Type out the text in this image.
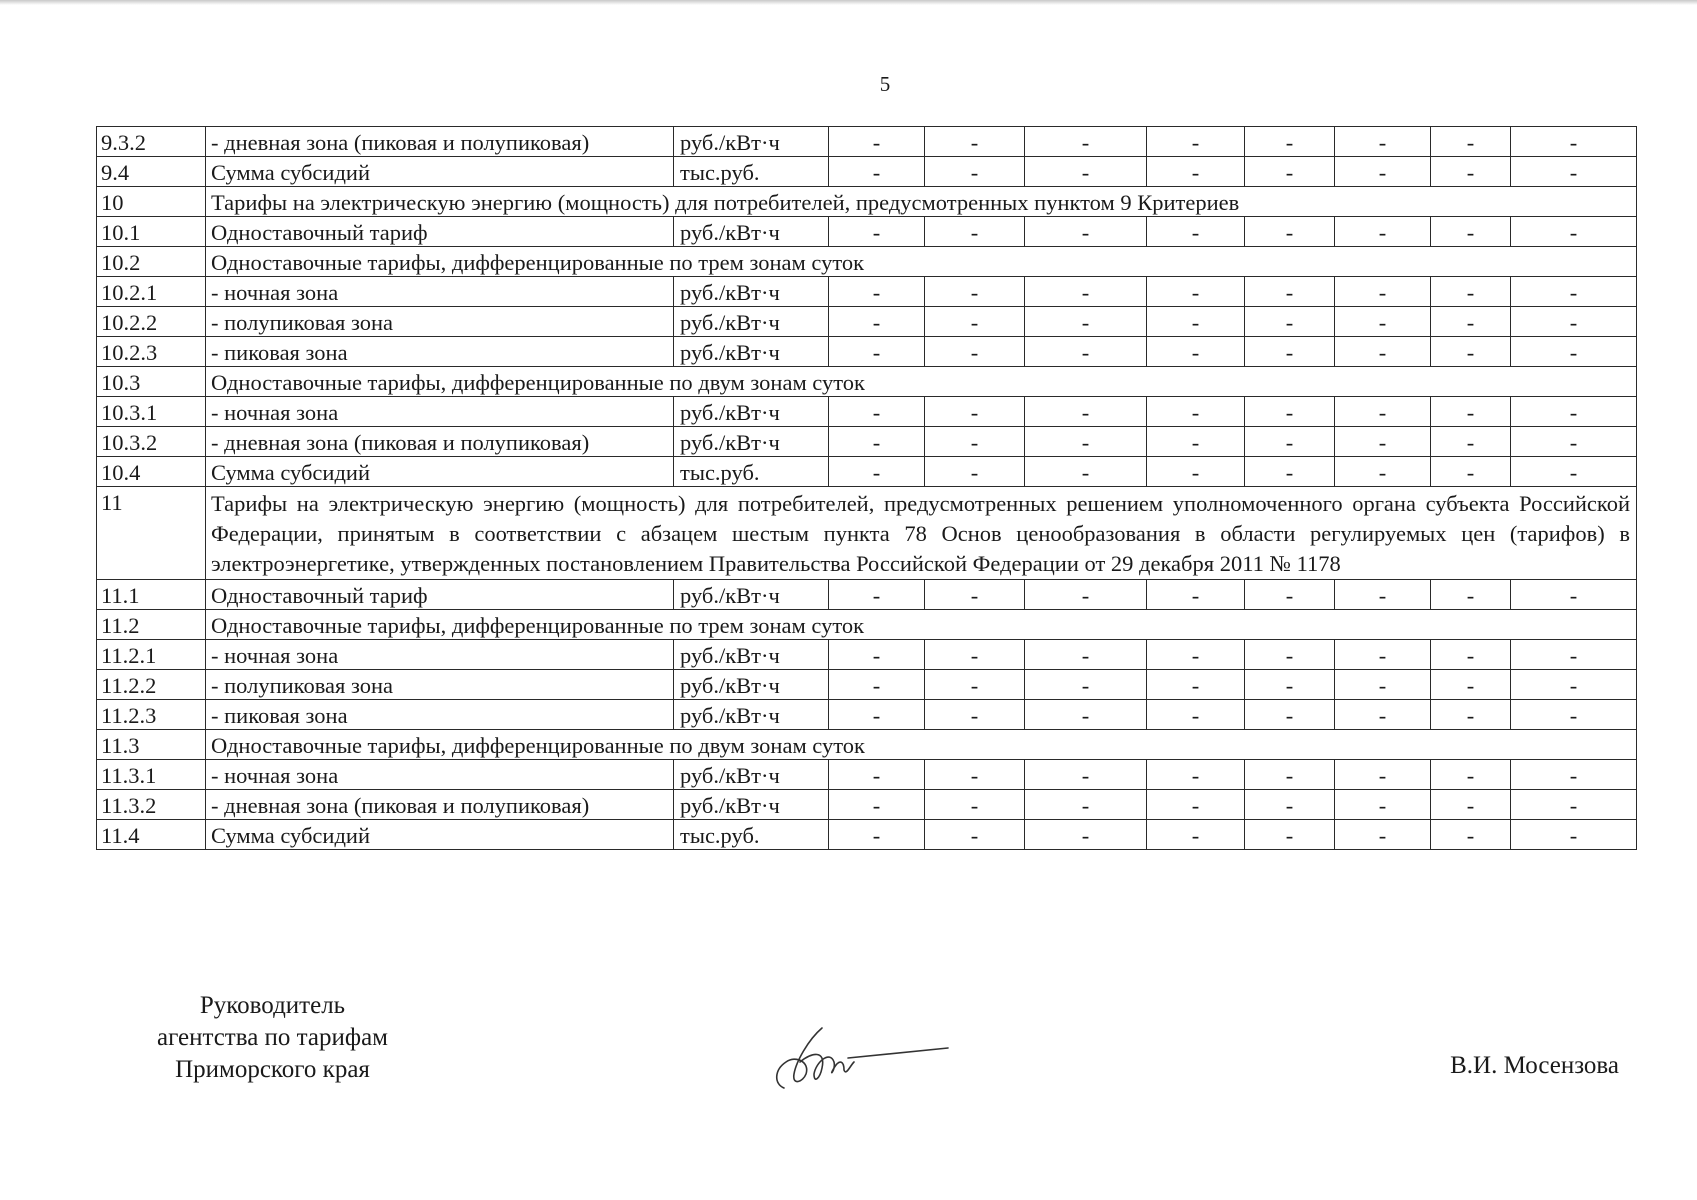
5
9.3.2	- дневная зона (пиковая и полупиковая)	руб./кВт·ч	-	-	-	-	-	-	-	-
9.4	Сумма субсидий	тыс.руб.	-	-	-	-	-	-	-	-
10	Тарифы на электрическую энергию (мощность) для потребителей, предусмотренных пунктом 9 Критериев									
10.1	Одноставочный тариф	руб./кВт·ч	-	-	-	-	-	-	-	-
10.2	Одноставочные тарифы, дифференцированные по трем зонам суток									
10.2.1	- ночная зона	руб./кВт·ч	-	-	-	-	-	-	-	-
10.2.2	- полупиковая зона	руб./кВт·ч	-	-	-	-	-	-	-	-
10.2.3	- пиковая зона	руб./кВт·ч	-	-	-	-	-	-	-	-
10.3	Одноставочные тарифы, дифференцированные по двум зонам суток									
10.3.1	- ночная зона	руб./кВт·ч	-	-	-	-	-	-	-	-
10.3.2	- дневная зона (пиковая и полупиковая)	руб./кВт·ч	-	-	-	-	-	-	-	-
10.4	Сумма субсидий	тыс.руб.	-	-	-	-	-	-	-	-
11	Тарифы на электрическую энергию (мощность) для потребителей, предусмотренных решением уполномоченного органа субъекта Российской Федерации, принятым в соответствии с абзацем шестым пункта 78 Основ ценообразования в области регулируемых цен (тарифов) в электроэнергетике, утвержденных постановлением Правительства Российской Федерации от 29 декабря 2011 № 1178									
11.1	Одноставочный тариф	руб./кВт·ч	-	-	-	-	-	-	-	-
11.2	Одноставочные тарифы, дифференцированные по трем зонам суток									
11.2.1	- ночная зона	руб./кВт·ч	-	-	-	-	-	-	-	-
11.2.2	- полупиковая зона	руб./кВт·ч	-	-	-	-	-	-	-	-
11.2.3	- пиковая зона	руб./кВт·ч	-	-	-	-	-	-	-	-
11.3	Одноставочные тарифы, дифференцированные по двум зонам суток									
11.3.1	- ночная зона	руб./кВт·ч	-	-	-	-	-	-	-	-
11.3.2	- дневная зона (пиковая и полупиковая)	руб./кВт·ч	-	-	-	-	-	-	-	-
11.4	Сумма субсидий	тыс.руб.	-	-	-	-	-	-	-	-
Руководитель
агентства по тарифам
Приморского края	В.И. Мосензова
